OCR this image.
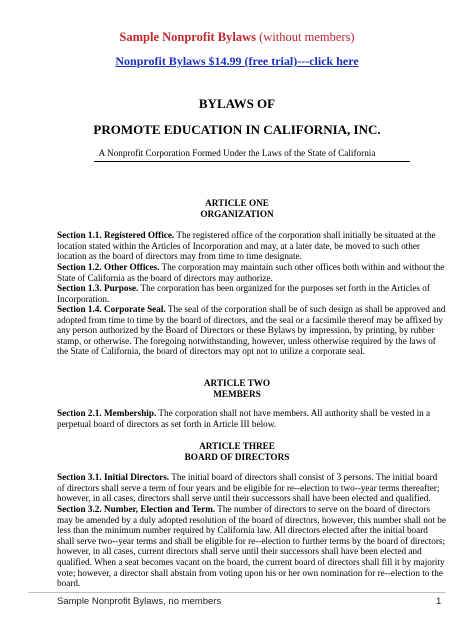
Sample Nonprofit Bylaws (without members)
Nonprofit Bylaws $14.99 (free trial)---click here
BYLAWS OF
PROMOTE EDUCATION IN CALIFORNIA, INC.
A Nonprofit Corporation Formed Under the Laws of the State of California
ARTICLE ONE
ORGANIZATION
Section 1.1. Registered Office. The registered office of the corporation shall initially be situated at the location stated within the Articles of Incorporation and may, at a later date, be moved to such other location as the board of directors may from time to time designate.
Section 1.2. Other Offices. The corporation may maintain such other offices both within and without the State of California as the board of directors may authorize.
Section 1.3. Purpose. The corporation has been organized for the purposes set forth in the Articles of Incorporation.
Section 1.4. Corporate Seal. The seal of the corporation shall be of such design as shall be approved and adopted from time to time by the board of directors, and the seal or a facsimile thereof may be affixed by any person authorized by the Board of Directors or these Bylaws by impression, by printing, by rubber stamp, or otherwise. The foregoing notwithstanding, however, unless otherwise required by the laws of the State of California, the board of directors may opt not to utilize a corporate seal.
ARTICLE TWO
MEMBERS
Section 2.1. Membership. The corporation shall not have members. All authority shall be vested in a perpetual board of directors as set forth in Article III below.
ARTICLE THREE
BOARD OF DIRECTORS
Section 3.1. Initial Directors. The initial board of directors shall consist of 3 persons. The initial board of directors shall serve a term of four years and be eligible for re--election to two--year terms thereafter; however, in all cases, directors shall serve until their successors shall have been elected and qualified.
Section 3.2. Number, Election and Term. The number of directors to serve on the board of directors may be amended by a duly adopted resolution of the board of directors, however, this number shall not be less than the minimum number required by California law. All directors elected after the initial board shall serve two--year terms and shall be eligible for re--election to further terms by the board of directors; however, in all cases, current directors shall serve until their successors shall have been elected and qualified. When a seat becomes vacant on the board, the current board of directors shall fill it by majority vote; however, a director shall abstain from voting upon his or her own nomination for re--election to the board.
Sample Nonprofit Bylaws, no members	1
